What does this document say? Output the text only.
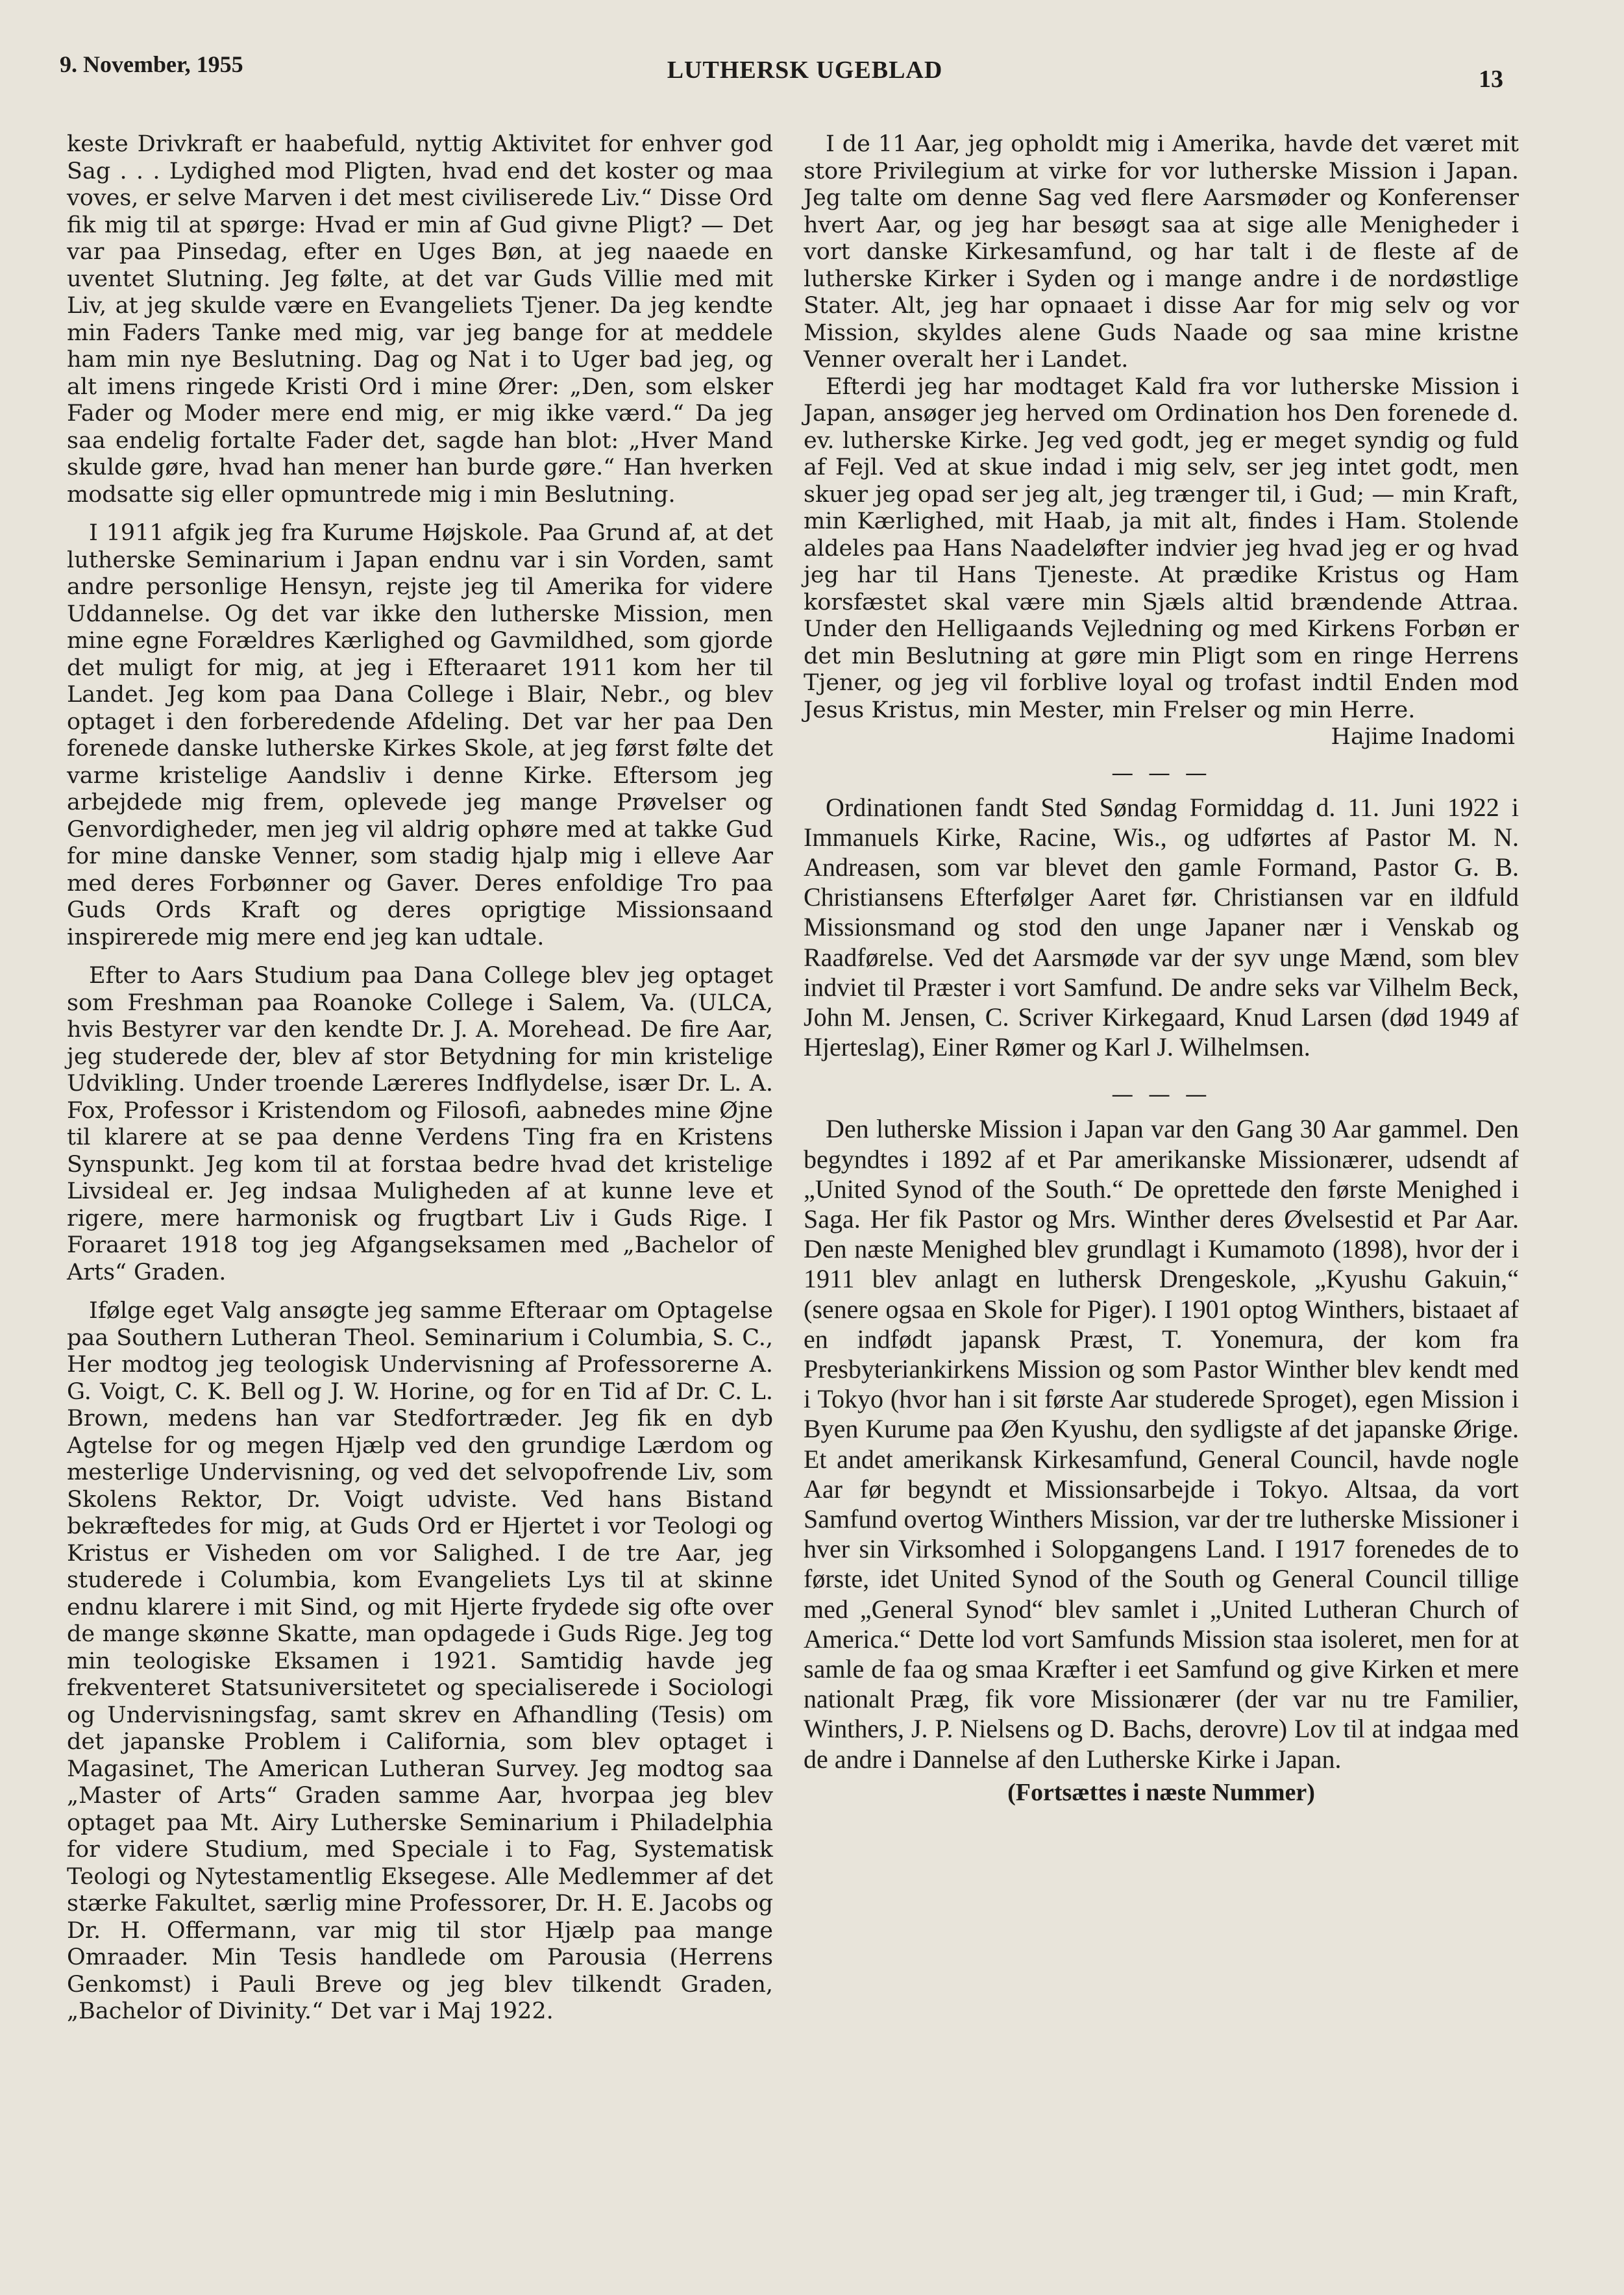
9. November, 1955	LUTHERSK UGEBLAD	13

keste Drivkraft er haabefuld, nyttig Aktivitet for enhver god Sag . . . Lydighed mod Pligten, hvad end det koster og maa voves, er selve Marven i det mest civiliserede Liv.“ Disse Ord fik mig til at spørge: Hvad er min af Gud givne Pligt? — Det var paa Pinsedag, efter en Uges Bøn, at jeg naaede en uventet Slutning. Jeg følte, at det var Guds Villie med mit Liv, at jeg skulde være en Evangeliets Tjener. Da jeg kendte min Faders Tanke med mig, var jeg bange for at meddele ham min nye Beslutning. Dag og Nat i to Uger bad jeg, og alt imens ringede Kristi Ord i mine Ører: „Den, som elsker Fader og Moder mere end mig, er mig ikke værd.“ Da jeg saa endelig fortalte Fader det, sagde han blot: „Hver Mand skulde gøre, hvad han mener han burde gøre.“ Han hverken modsatte sig eller opmuntrede mig i min Beslutning.

I 1911 afgik jeg fra Kurume Højskole. Paa Grund af, at det lutherske Seminarium i Japan endnu var i sin Vorden, samt andre personlige Hensyn, rejste jeg til Amerika for videre Uddannelse. Og det var ikke den lutherske Mission, men mine egne Forældres Kærlighed og Gavmildhed, som gjorde det muligt for mig, at jeg i Efteraaret 1911 kom her til Landet. Jeg kom paa Dana College i Blair, Nebr., og blev optaget i den forberedende Afdeling. Det var her paa Den forenede danske lutherske Kirkes Skole, at jeg først følte det varme kristelige Aandsliv i denne Kirke. Eftersom jeg arbejdede mig frem, oplevede jeg mange Prøvelser og Genvordigheder, men jeg vil aldrig ophøre med at takke Gud for mine danske Venner, som stadig hjalp mig i elleve Aar med deres Forbønner og Gaver. Deres enfoldige Tro paa Guds Ords Kraft og deres oprigtige Missionsaand inspirerede mig mere end jeg kan udtale.

Efter to Aars Studium paa Dana College blev jeg optaget som Freshman paa Roanoke College i Salem, Va. (ULCA, hvis Bestyrer var den kendte Dr. J. A. Morehead. De fire Aar, jeg studerede der, blev af stor Betydning for min kristelige Udvikling. Under troende Læreres Indflydelse, især Dr. L. A. Fox, Professor i Kristendom og Filosofi, aabnedes mine Øjne til klarere at se paa denne Verdens Ting fra en Kristens Synspunkt. Jeg kom til at forstaa bedre hvad det kristelige Livsideal er. Jeg indsaa Muligheden af at kunne leve et rigere, mere harmonisk og frugtbart Liv i Guds Rige. I Foraaret 1918 tog jeg Afgangseksamen med „Bachelor of Arts“ Graden.

Ifølge eget Valg ansøgte jeg samme Efteraar om Optagelse paa Southern Lutheran Theol. Seminarium i Columbia, S. C., Her modtog jeg teologisk Undervisning af Professorerne A. G. Voigt, C. K. Bell og J. W. Horine, og for en Tid af Dr. C. L. Brown, medens han var Stedfortræder. Jeg fik en dyb Agtelse for og megen Hjælp ved den grundige Lærdom og mesterlige Undervisning, og ved det selvopofrende Liv, som Skolens Rektor, Dr. Voigt udviste. Ved hans Bistand bekræftedes for mig, at Guds Ord er Hjertet i vor Teologi og Kristus er Visheden om vor Salighed. I de tre Aar, jeg studerede i Columbia, kom Evangeliets Lys til at skinne endnu klarere i mit Sind, og mit Hjerte frydede sig ofte over de mange skønne Skatte, man opdagede i Guds Rige. Jeg tog min teologiske Eksamen i 1921. Samtidig havde jeg frekventeret Statsuniversitetet og specialiserede i Sociologi og Undervisningsfag, samt skrev en Afhandling (Tesis) om det japanske Problem i California, som blev optaget i Magasinet, The American Lutheran Survey. Jeg modtog saa „Master of Arts“ Graden samme Aar, hvorpaa jeg blev optaget paa Mt. Airy Lutherske Seminarium i Philadelphia for videre Studium, med Speciale i to Fag, Systematisk Teologi og Nytestamentlig Eksegese. Alle Medlemmer af det stærke Fakultet, særlig mine Professorer, Dr. H. E. Jacobs og Dr. H. Offermann, var mig til stor Hjælp paa mange Omraader. Min Tesis handlede om Parousia (Herrens Genkomst) i Pauli Breve og jeg blev tilkendt Graden, „Bachelor of Divinity.“ Det var i Maj 1922.

I de 11 Aar, jeg opholdt mig i Amerika, havde det været mit store Privilegium at virke for vor lutherske Mission i Japan. Jeg talte om denne Sag ved flere Aarsmøder og Konferenser hvert Aar, og jeg har besøgt saa at sige alle Menigheder i vort danske Kirkesamfund, og har talt i de fleste af de lutherske Kirker i Syden og i mange andre i de nordøstlige Stater. Alt, jeg har opnaaet i disse Aar for mig selv og vor Mission, skyldes alene Guds Naade og saa mine kristne Venner overalt her i Landet.

Efterdi jeg har modtaget Kald fra vor lutherske Mission i Japan, ansøger jeg herved om Ordination hos Den forenede d. ev. lutherske Kirke. Jeg ved godt, jeg er meget syndig og fuld af Fejl. Ved at skue indad i mig selv, ser jeg intet godt, men skuer jeg opad ser jeg alt, jeg trænger til, i Gud; — min Kraft, min Kærlighed, mit Haab, ja mit alt, findes i Ham. Stolende aldeles paa Hans Naadeløfter indvier jeg hvad jeg er og hvad jeg har til Hans Tjeneste. At prædike Kristus og Ham korsfæstet skal være min Sjæls altid brændende Attraa. Under den Helligaands Vejledning og med Kirkens Forbøn er det min Beslutning at gøre min Pligt som en ringe Herrens Tjener, og jeg vil forblive loyal og trofast indtil Enden mod Jesus Kristus, min Mester, min Frelser og min Herre.

Hajime Inadomi
— — —

Ordinationen fandt Sted Søndag Formiddag d. 11. Juni 1922 i Immanuels Kirke, Racine, Wis., og udførtes af Pastor M. N. Andreasen, som var blevet den gamle Formand, Pastor G. B. Christiansens Efterfølger Aaret før. Christiansen var en ildfuld Missionsmand og stod den unge Japaner nær i Venskab og Raadførelse. Ved det Aarsmøde var der syv unge Mænd, som blev indviet til Præster i vort Samfund. De andre seks var Vilhelm Beck, John M. Jensen, C. Scriver Kirkegaard, Knud Larsen (død 1949 af Hjerteslag), Einer Rømer og Karl J. Wilhelmsen.

— — —

Den lutherske Mission i Japan var den Gang 30 Aar gammel. Den begyndtes i 1892 af et Par amerikanske Missionærer, udsendt af „United Synod of the South.“ De oprettede den første Menighed i Saga. Her fik Pastor og Mrs. Winther deres Øvelsestid et Par Aar. Den næste Menighed blev grundlagt i Kumamoto (1898), hvor der i 1911 blev anlagt en luthersk Drengeskole, „Kyushu Gakuin,“ (senere ogsaa en Skole for Piger). I 1901 optog Winthers, bistaaet af en indfødt japansk Præst, T. Yonemura, der kom fra Presbyteriankirkens Mission og som Pastor Winther blev kendt med i Tokyo (hvor han i sit første Aar studerede Sproget), egen Mission i Byen Kurume paa Øen Kyushu, den sydligste af det japanske Ørige. Et andet amerikansk Kirkesamfund, General Council, havde nogle Aar før begyndt et Missionsarbejde i Tokyo. Altsaa, da vort Samfund overtog Winthers Mission, var der tre lutherske Missioner i hver sin Virksomhed i Solopgangens Land. I 1917 forenedes de to første, idet United Synod of the South og General Council tillige med „General Synod“ blev samlet i „United Lutheran Church of America.“ Dette lod vort Samfunds Mission staa isoleret, men for at samle de faa og smaa Kræfter i eet Samfund og give Kirken et mere nationalt Præg, fik vore Missionærer (der var nu tre Familier, Winthers, J. P. Nielsens og D. Bachs, derovre) Lov til at indgaa med de andre i Dannelse af den Lutherske Kirke i Japan.

(Fortsættes i næste Nummer)
